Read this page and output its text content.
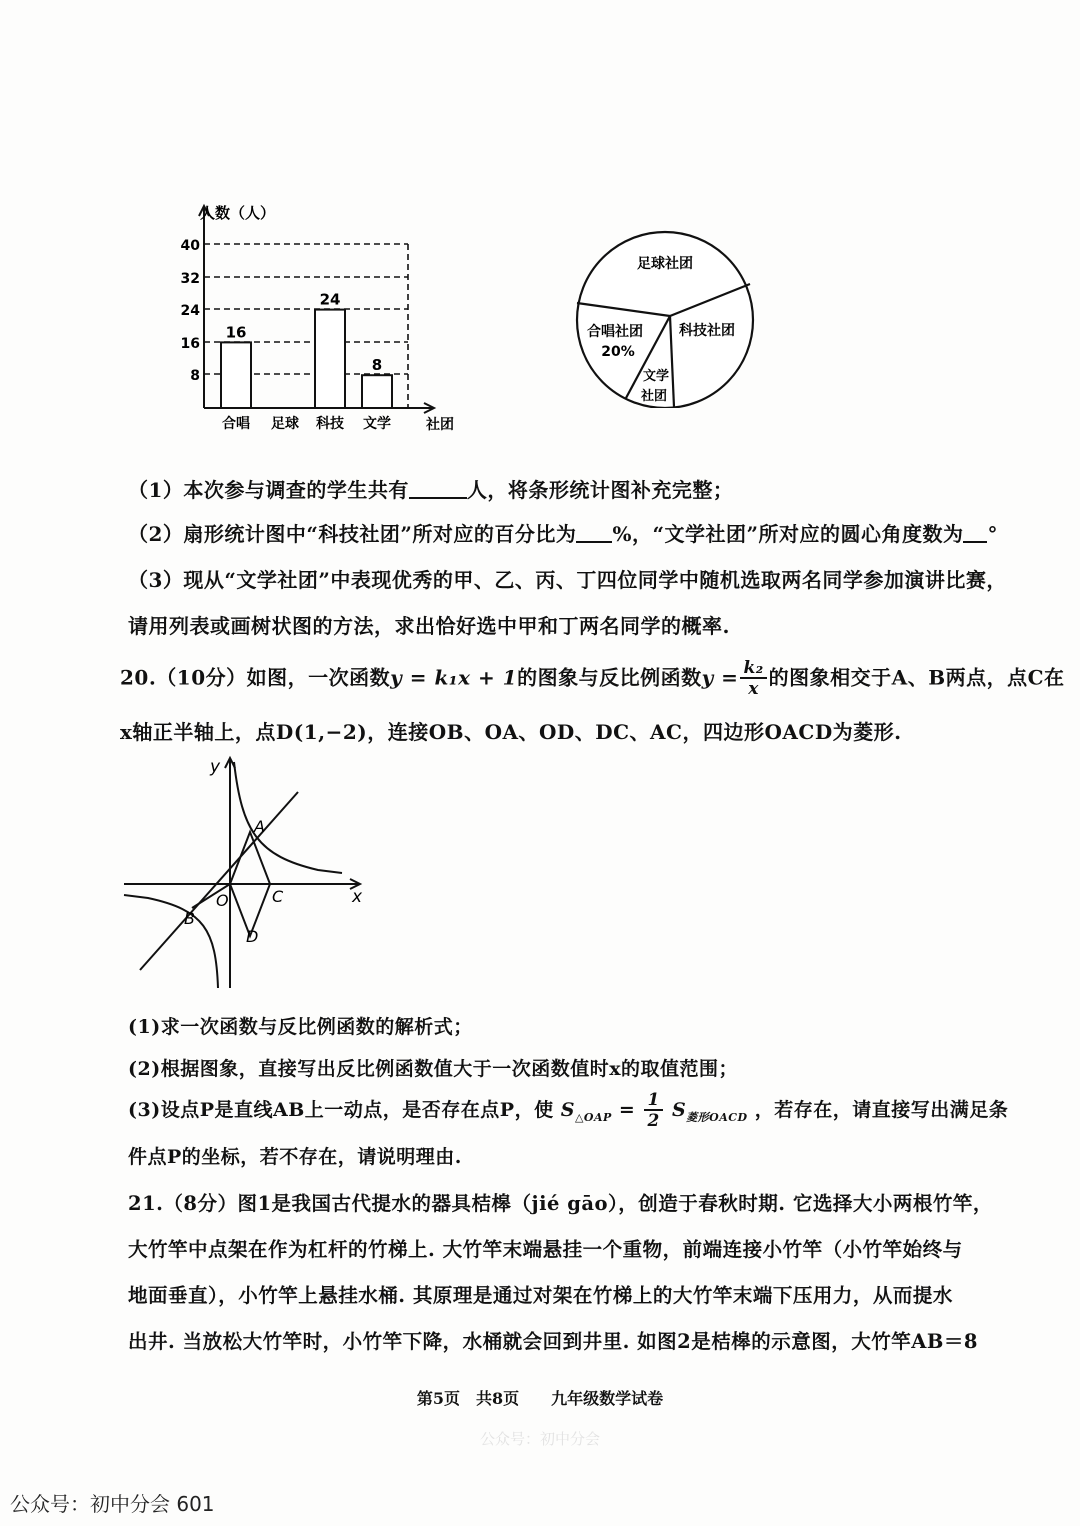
人数（人）
40
32
24
16
8
16
24
8
合唱 足球 科技 文学	社团
足球社团
科技社团
合唱社团
20%
文学
社团
（1）本次参与调查的学生共有	人，将条形统计图补充完整；
（2）扇形统计图中“科技社团”所对应的百分比为 %，“文学社团”所对应的圆心角度数为 °
（3）现从“文学社团”中表现优秀的甲、乙、丙、丁四位同学中随机选取两名同学参加演讲比赛，
请用列表或画树状图的方法，求出恰好选中甲和丁两名同学的概率.
20.（10分）如图，一次函数y = k₁x + 1的图象与反比例函数$y = \frac{\text{k₂}}{x}$ 的图象相交于A、B两点，点C在
x轴正半轴上，点D(1,−2)，连接OB、OA、OD、DC、AC，四边形OACD为菱形.
y
x
A
B
C
D
O
(1)求一次函数与反比例函数的解析式；
(2)根据图象，直接写出反比例函数值大于一次函数值时x的取值范围；
(3)设点P是直线AB上一动点，是否存在点P，使 $S_{\triangle OAP} = \frac{1}{2} S_{菱形OACD}$ ，若存在，请直接写出满足条
件点P的坐标，若不存在，请说明理由.
21.（8分）图1是我国古代提水的器具桔槔（jié gāo），创造于春秋时期. 它选择大小两根竹竿，
大竹竿中点架在作为杠杆的竹梯上. 大竹竿末端悬挂一个重物，前端连接小竹竿（小竹竿始终与
地面垂直），小竹竿上悬挂水桶. 其原理是通过对架在竹梯上的大竹竿末端下压用力，从而提水
出井. 当放松大竹竿时，小竹竿下降，水桶就会回到井里. 如图2是桔槔的示意图，大竹竿AB＝8
第5页　共8页　　九年级数学试卷
公众号：初中分会
公众号：初中分会 601
